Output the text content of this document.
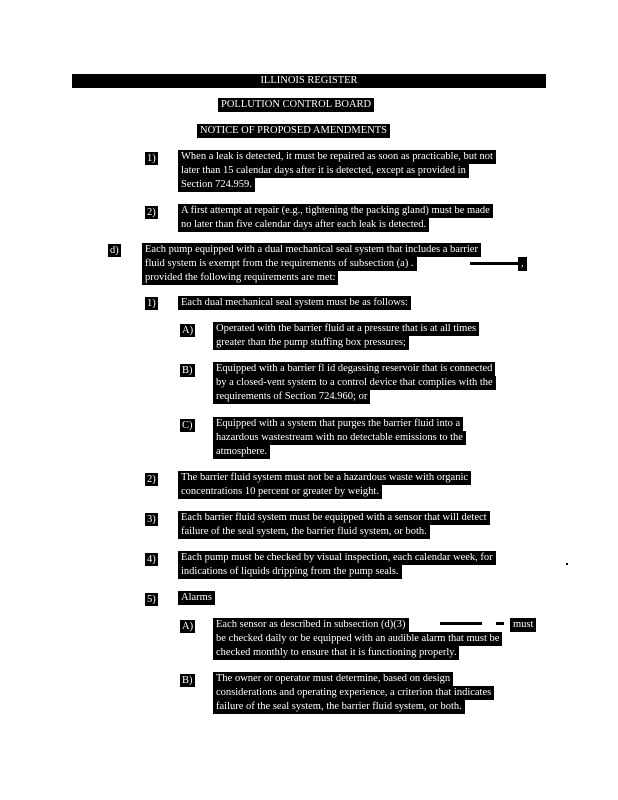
ILLINOIS REGISTER
POLLUTION CONTROL BOARD
NOTICE OF PROPOSED AMENDMENTS
1) When a leak is detected, it must be repaired as soon as practicable, but not
later than 15 calendar days after it is detected, except as provided in
Section 724.959.
2) A first attempt at repair (e.g., tightening the packing gland) must be made
no later than five calendar days after each leak is detected.
d)	Each pump equipped with a dual mechanical seal system that includes a barrier
fluid system is exempt from the requirements of subsection (a) .	,
provided the following requirements are met:
1) Each dual mechanical seal system must be as follows:
A) Operated with the barrier fluid at a pressure that is at all times
greater than the pump stuffing box pressures;
B) Equipped with a barrier fl id degassing reservoir that is connected
by a closed-vent system to a control device that complies with the
requirements of Section 724.960; or
C) Equipped with a system that purges the barrier fluid into a
hazardous wastestream with no detectable emissions to the
atmosphere.
2) The barrier fluid system must not be a hazardous waste with organic
concentrations 10 percent or greater by weight.
3) Each barrier fluid system must be equipped with a sensor that will detect
failure of the seal system, the barrier fluid system, or both.
4) Each pump must be checked by visual inspection, each calendar week, for
indications of liquids dripping from the pump seals.
5) Alarms
A) Each sensor as described in subsection (d)(3)	must
be checked daily or be equipped with an audible alarm that must be
checked monthly to ensure that it is functioning properly.
B) The owner or operator must determine, based on design
considerations and operating experience, a criterion that indicates
failure of the seal system, the barrier fluid system, or both.
